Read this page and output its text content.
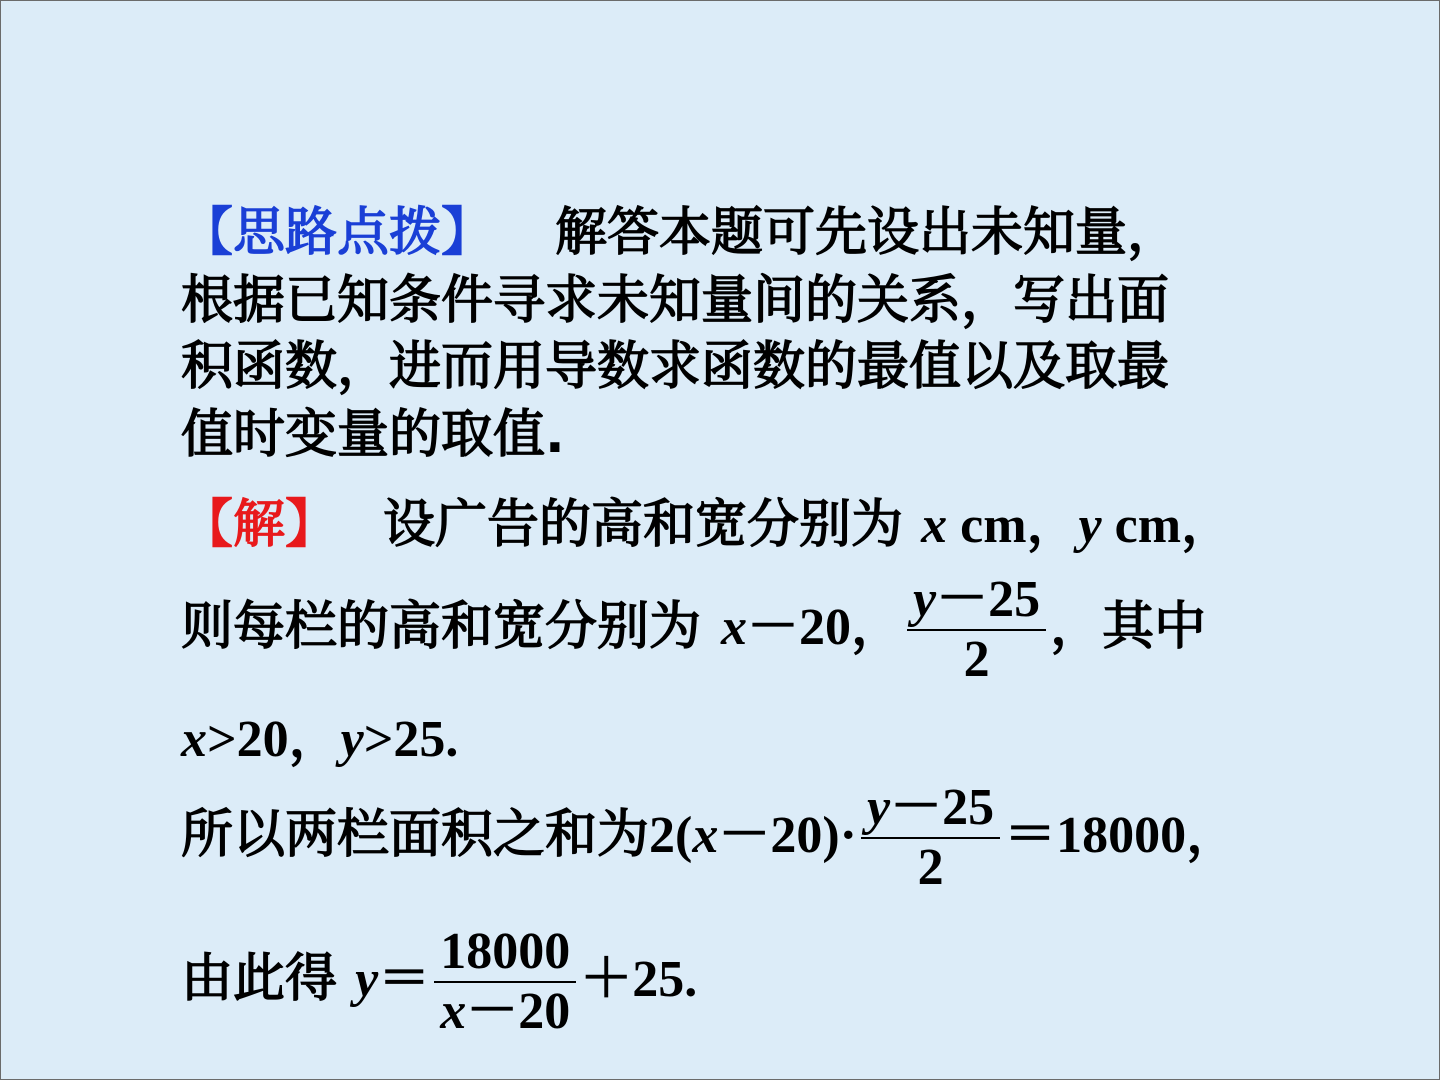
【思路点拨】 解答本题可先设出未知量，
根据已知条件寻求未知量间的关系，写出面
积函数，进而用导数求函数的最值以及取最
值时变量的取值.
【解】 设广告的高和宽分别为 x cm，y cm，
则每栏的高和宽分别为 x－20， $\frac{y-25}{2}$ ，其中
x>20，y>25.
所以两栏面积之和为$2(x-20)\cdot \frac{y-25}{2} =18000$，
由此得 $y= \frac{18000}{x-20} +25$.
